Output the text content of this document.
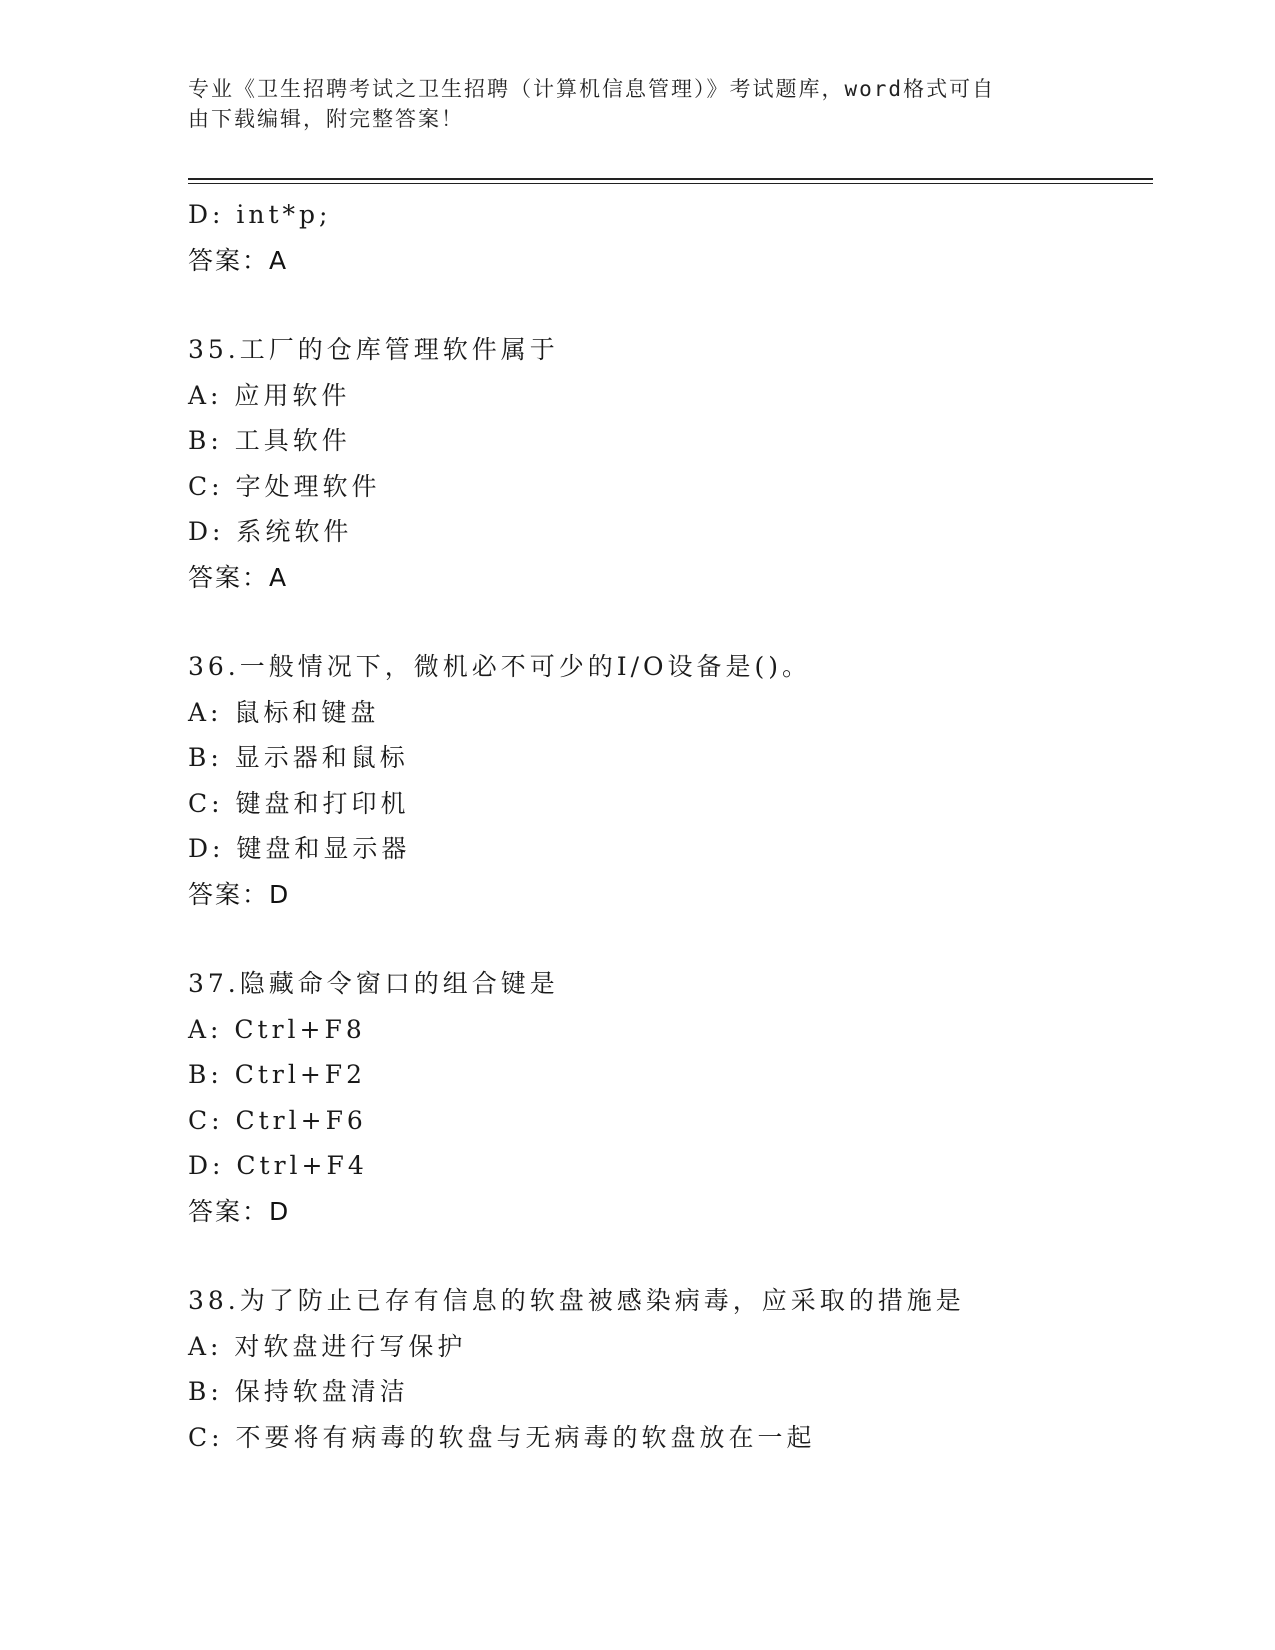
专业《卫生招聘考试之卫生招聘（计算机信息管理）》考试题库，word格式可自
由下载编辑，附完整答案！
D: int*p;
答案：A
35.工厂的仓库管理软件属于
A: 应用软件
B: 工具软件
C: 字处理软件
D: 系统软件
答案：A
36.一般情况下，微机必不可少的I/O设备是()。
A: 鼠标和键盘
B: 显示器和鼠标
C: 键盘和打印机
D: 键盘和显示器
答案：D
37.隐藏命令窗口的组合键是
A: Ctrl+F8
B: Ctrl+F2
C: Ctrl+F6
D: Ctrl+F4
答案：D
38.为了防止已存有信息的软盘被感染病毒，应采取的措施是
A: 对软盘进行写保护
B: 保持软盘清洁
C: 不要将有病毒的软盘与无病毒的软盘放在一起
